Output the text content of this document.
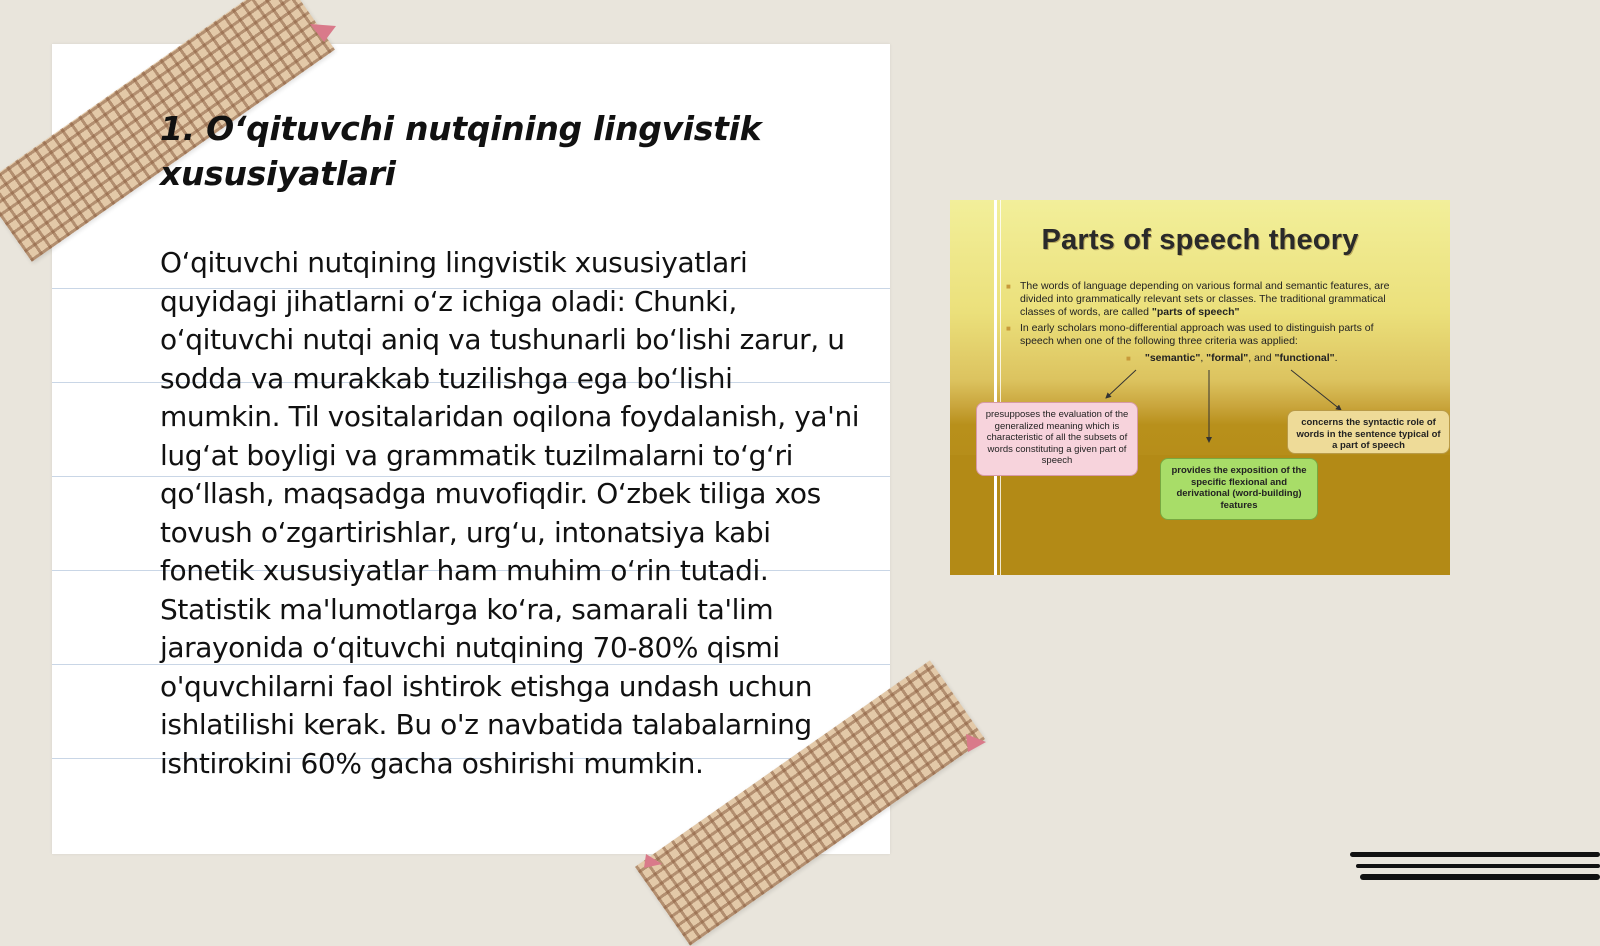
1. O‘qituvchi nutqining lingvistik xususiyatlari

O‘qituvchi nutqining lingvistik xususiyatlari quyidagi jihatlarni o‘z ichiga oladi: Chunki, o‘qituvchi nutqi aniq va tushunarli bo‘lishi zarur, u sodda va murakkab tuzilishga ega bo‘lishi mumkin. Til vositalaridan oqilona foydalanish, ya'ni lug‘at boyligi va grammatik tuzilmalarni to‘g‘ri qo‘llash, maqsadga muvofiqdir. O‘zbek tiliga xos tovush o‘zgartirishlar, urg‘u, intonatsiya kabi fonetik xususiyatlar ham muhim o‘rin tutadi. Statistik ma'lumotlarga ko‘ra, samarali ta'lim jarayonida o‘qituvchi nutqining 70-80% qismi o'quvchilarni faol ishtirok etishga undash uchun ishlatilishi kerak. Bu o'z navbatida talabalarning ishtirokini 60% gacha oshirishi mumkin.

Parts of speech theory
■ The words of language depending on various formal and semantic features, are divided into grammatically relevant sets or classes. The traditional grammatical classes of words, are called "parts of speech"
■ In early scholars mono-differential approach was used to distinguish parts of speech when one of the following three criteria was applied:
■ "semantic", "formal", and "functional".
presupposes the evaluation of the generalized meaning which is characteristic of all the subsets of words constituting a given part of speech
provides the exposition of the specific flexional and derivational (word-building) features
concerns the syntactic role of words in the sentence typical of a part of speech
